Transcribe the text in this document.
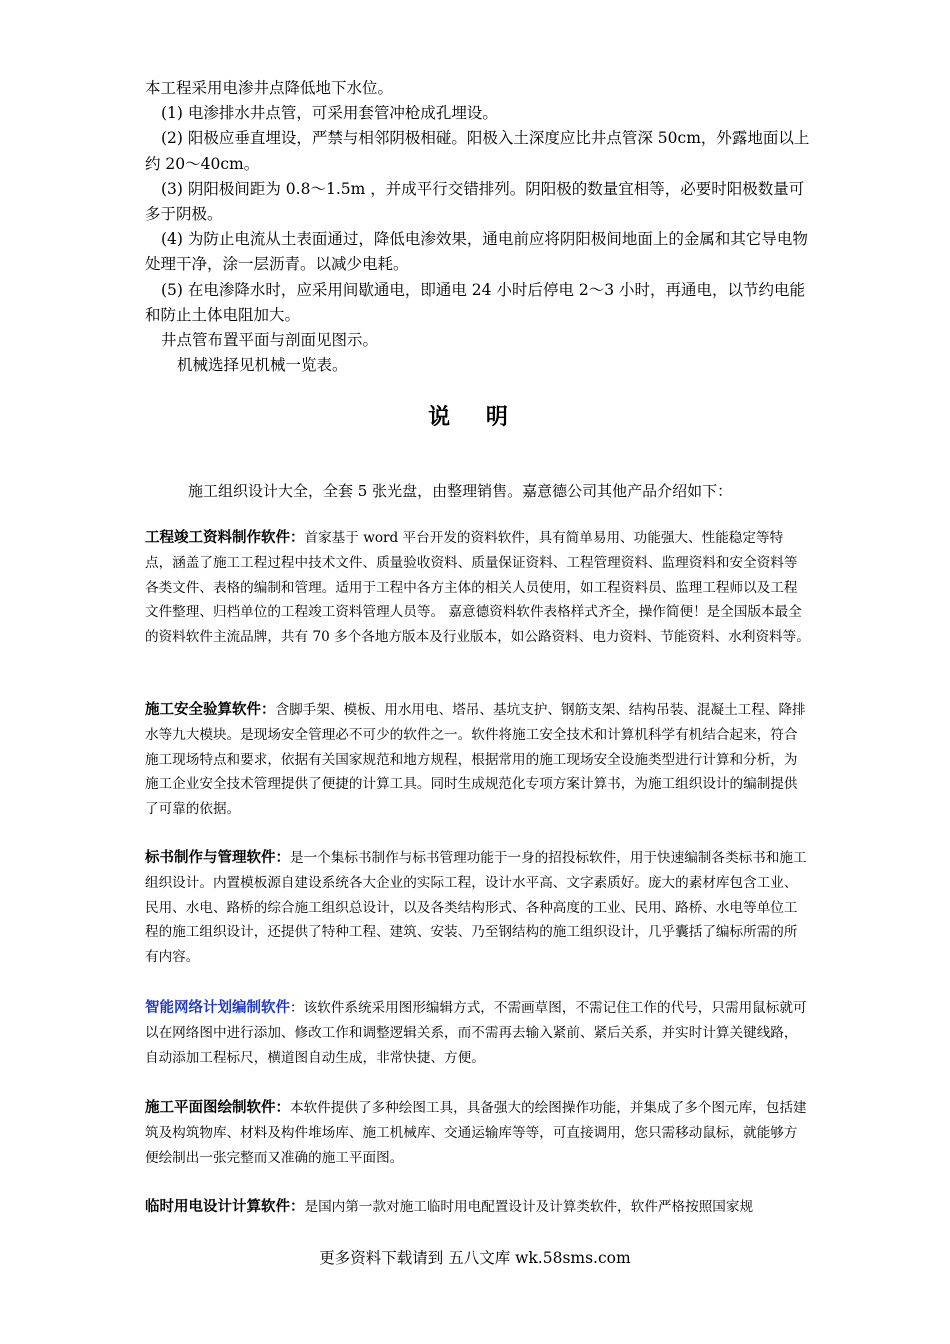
本工程采用电渗井点降低地下水位。

(1) 电渗排水井点管，可采用套管冲枪成孔埋设。

(2) 阳极应垂直埋设，严禁与相邻阴极相碰。阳极入土深度应比井点管深 50cm，外露地面以上约 20～40cm。

(3) 阴阳极间距为 0.8～1.5m ，并成平行交错排列。阴阳极的数量宜相等，必要时阳极数量可多于阴极。

(4) 为防止电流从土表面通过，降低电渗效果，通电前应将阴阳极间地面上的金属和其它导电物处理干净，涂一层沥青。以减少电耗。

(5) 在电渗降水时，应采用间歇通电，即通电 24 小时后停电 2～3 小时，再通电，以节约电能和防止土体电阻加大。

井点管布置平面与剖面见图示。

机械选择见机械一览表。

说 明
施工组织设计大全，全套 5 张光盘，由整理销售。嘉意德公司其他产品介绍如下：

工程竣工资料制作软件：首家基于 word 平台开发的资料软件，具有简单易用、功能强大、性能稳定等特点，涵盖了施工工程过程中技术文件、质量验收资料、质量保证资料、工程管理资料、监理资料和安全资料等各类文件、表格的编制和管理。适用于工程中各方主体的相关人员使用，如工程资料员、监理工程师以及工程文件整理、归档单位的工程竣工资料管理人员等。 嘉意德资料软件表格样式齐全，操作简便！是全国版本最全的资料软件主流品牌，共有 70 多个各地方版本及行业版本，如公路资料、电力资料、节能资料、水利资料等。

施工安全验算软件：含脚手架、模板、用水用电、塔吊、基坑支护、钢筋支架、结构吊装、混凝土工程、降排水等九大模块。是现场安全管理必不可少的软件之一。软件将施工安全技术和计算机科学有机结合起来，符合施工现场特点和要求，依据有关国家规范和地方规程，根据常用的施工现场安全设施类型进行计算和分析，为施工企业安全技术管理提供了便捷的计算工具。同时生成规范化专项方案计算书，为施工组织设计的编制提供了可靠的依据。

标书制作与管理软件：是一个集标书制作与标书管理功能于一身的招投标软件，用于快速编制各类标书和施工组织设计。内置模板源自建设系统各大企业的实际工程，设计水平高、文字素质好。庞大的素材库包含工业、民用、水电、路桥的综合施工组织总设计，以及各类结构形式、各种高度的工业、民用、路桥、水电等单位工程的施工组织设计，还提供了特种工程、建筑、安装、乃至钢结构的施工组织设计，几乎囊括了编标所需的所有内容。

智能网络计划编制软件：该软件系统采用图形编辑方式，不需画草图，不需记住工作的代号，只需用鼠标就可以在网络图中进行添加、修改工作和调整逻辑关系，而不需再去输入紧前、紧后关系，并实时计算关键线路，自动添加工程标尺，横道图自动生成，非常快捷、方便。

施工平面图绘制软件：本软件提供了多种绘图工具，具备强大的绘图操作功能，并集成了多个图元库，包括建筑及构筑物库、材料及构件堆场库、施工机械库、交通运输库等等，可直接调用，您只需移动鼠标，就能够方便绘制出一张完整而又准确的施工平面图。

临时用电设计计算软件：是国内第一款对施工临时用电配置设计及计算类软件，软件严格按照国家规

更多资料下载请到 五八文库 wk.58sms.com
